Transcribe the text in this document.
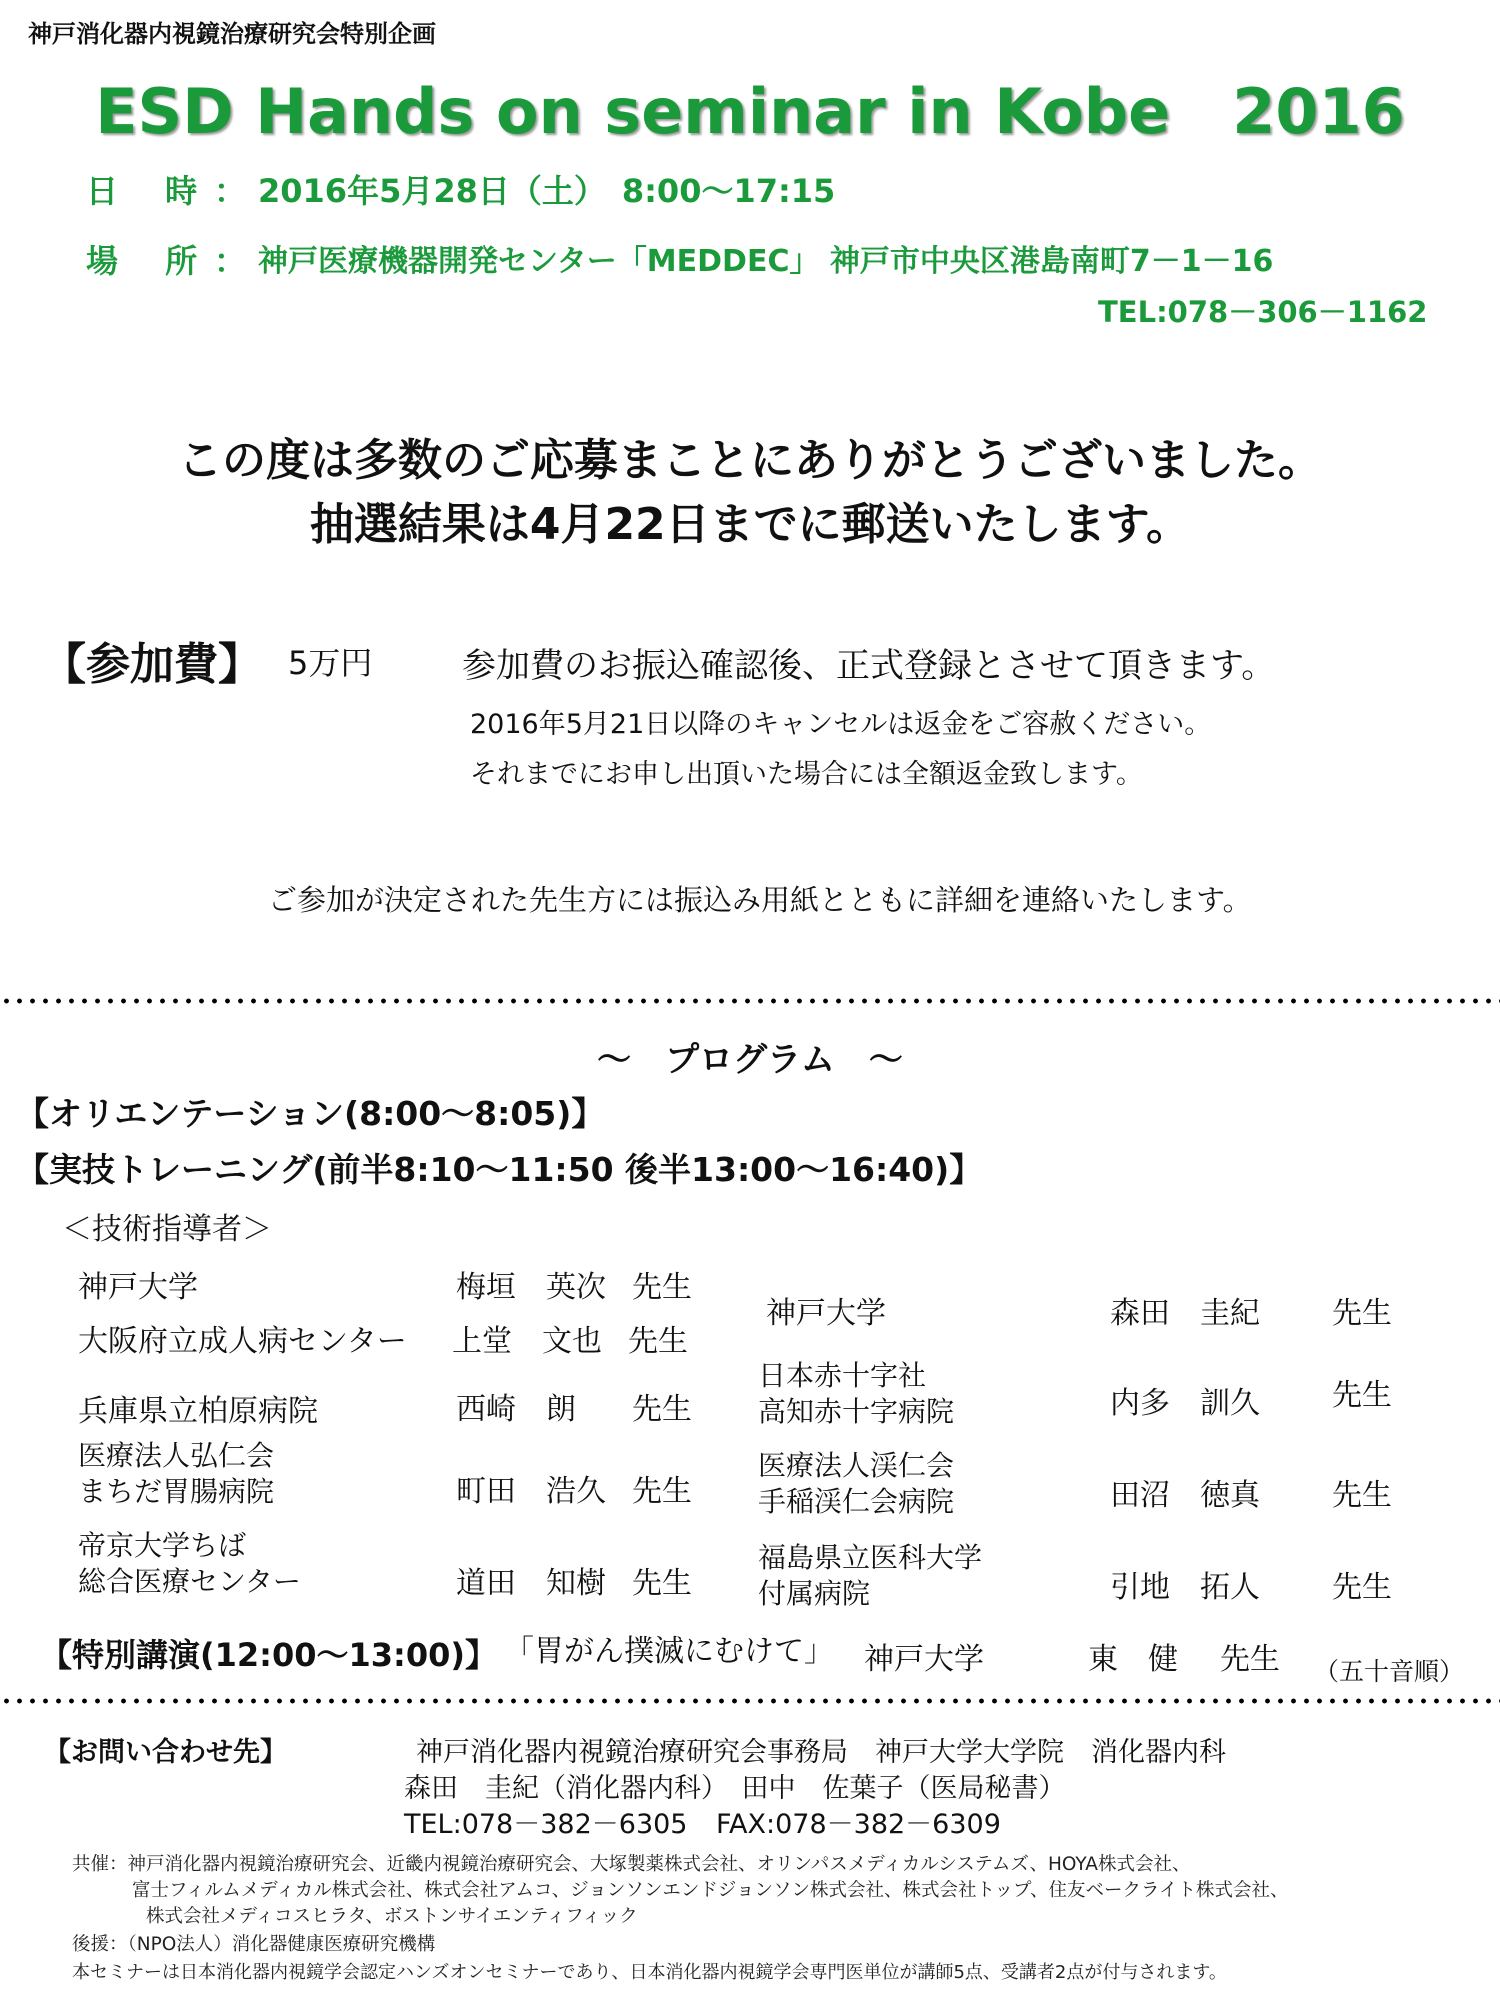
神戸消化器内視鏡治療研究会特別企画
ESD Hands on seminar in Kobe　2016
日 時
： 2016年5月28日（土）　8:00～17:15
場 所
： 神戸医療機器開発センター「MEDDEC」 神戸市中央区港島南町7－1－16
TEL:078－306－1162
この度は多数のご応募まことにありがとうございました。
抽選結果は4月22日までに郵送いたします。
【参加費】 5万円	参加費のお振込確認後、正式登録とさせて頂きます。
2016年5月21日以降のキャンセルは返金をご容赦ください。
それまでにお申し出頂いた場合には全額返金致します。
ご参加が決定された先生方には振込み用紙とともに詳細を連絡いたします。
～　プログラム　～
【オリエンテーション(8:00～8:05)】
【実技トレーニング(前半8:10～11:50 後半13:00～16:40)】
＜技術指導者＞
神戸大学	梅垣　英次 先生
大阪府立成人病センター 上堂　文也 先生
兵庫県立柏原病院	西崎　朗 先生
医療法人弘仁会
まちだ胃腸病院	町田　浩久 先生
帝京大学ちば
総合医療センター	道田　知樹 先生
神戸大学	森田　圭紀 先生
日本赤十字社
高知赤十字病院	内多　訓久 先生
医療法人渓仁会
手稲渓仁会病院	田沼　徳真 先生
福島県立医科大学
付属病院	引地　拓人 先生
【特別講演(12:00～13:00)】 「胃がん撲滅にむけて」 神戸大学	東　健 先生 （五十音順）
【お問い合わせ先】	神戸消化器内視鏡治療研究会事務局　神戸大学大学院　消化器内科
森田　圭紀（消化器内科）　田中　佐葉子（医局秘書）
TEL:078－382－6305 FAX:078－382－6309
共催：神戸消化器内視鏡治療研究会、近畿内視鏡治療研究会、大塚製薬株式会社、オリンパスメディカルシステムズ、HOYA株式会社、
富士フィルムメディカル株式会社、株式会社アムコ、ジョンソンエンドジョンソン株式会社、株式会社トップ、住友ベークライト株式会社、
株式会社メディコスヒラタ、ボストンサイエンティフィック
後援：（NPO法人）消化器健康医療研究機構
本セミナーは日本消化器内視鏡学会認定ハンズオンセミナーであり、日本消化器内視鏡学会専門医単位が講師5点、受講者2点が付与されます。
